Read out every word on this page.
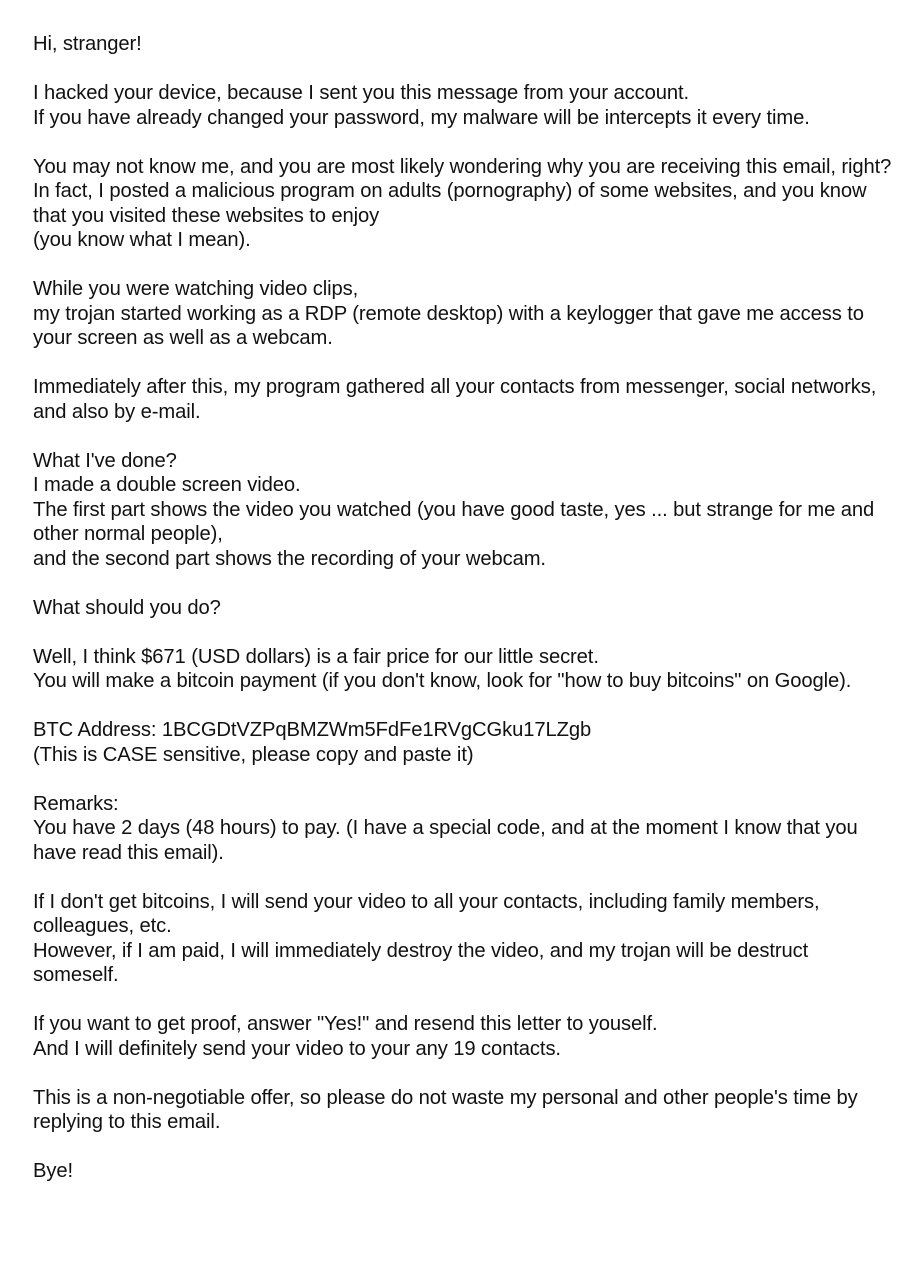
Hi, stranger!
I hacked your device, because I sent you this message from your account.
If you have already changed your password, my malware will be intercepts it every time.
You may not know me, and you are most likely wondering why you are receiving this email, right?
In fact, I posted a malicious program on adults (pornography) of some websites, and you know that you visited these websites to enjoy
(you know what I mean).
While you were watching video clips,
my trojan started working as a RDP (remote desktop) with a keylogger that gave me access to your screen as well as a webcam.
Immediately after this, my program gathered all your contacts from messenger, social networks, and also by e-mail.
What I've done?
I made a double screen video.
The first part shows the video you watched (you have good taste, yes ... but strange for me and other normal people),
and the second part shows the recording of your webcam.
What should you do?
Well, I think $671 (USD dollars) is a fair price for our little secret.
You will make a bitcoin payment (if you don't know, look for "how to buy bitcoins" on Google).
BTC Address: 1BCGDtVZPqBMZWm5FdFe1RVgCGku17LZgb
(This is CASE sensitive, please copy and paste it)
Remarks:
You have 2 days (48 hours) to pay. (I have a special code, and at the moment I know that you have read this email).
If I don't get bitcoins, I will send your video to all your contacts, including family members, colleagues, etc.
However, if I am paid, I will immediately destroy the video, and my trojan will be destruct someself.
If you want to get proof, answer "Yes!" and resend this letter to youself.
And I will definitely send your video to your any 19 contacts.
This is a non-negotiable offer, so please do not waste my personal and other people's time by replying to this email.
Bye!
